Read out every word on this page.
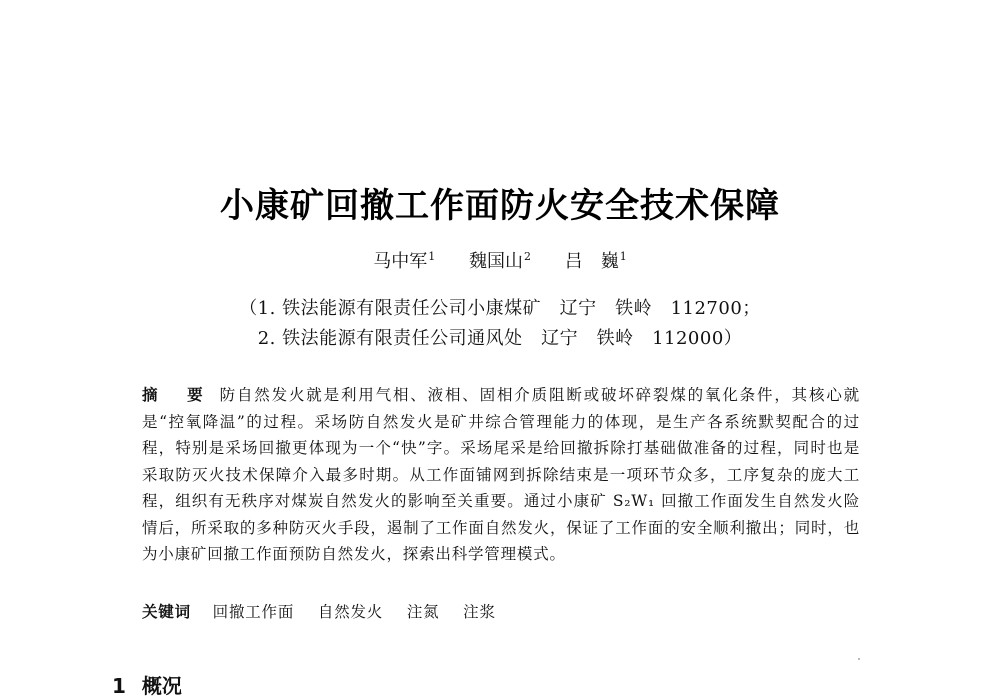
小康矿回撤工作面防火安全技术保障
马中军$^1$ 魏国山$^2$ 吕　巍$^1$
（1. 铁法能源有限责任公司小康煤矿　辽宁　铁岭　112700；
2. 铁法能源有限责任公司通风处　辽宁　铁岭　112000）
摘　要 防自然发火就是利用气相、液相、固相介质阻断或破坏碎裂煤的氧化条件，其核心就是“控氧降温”的过程。采场防自然发火是矿井综合管理能力的体现，是生产各系统默契配合的过程，特别是采场回撤更体现为一个“快”字。采场尾采是给回撤拆除打基础做准备的过程，同时也是采取防灭火技术保障介入最多时期。从工作面铺网到拆除结束是一项环节众多，工序复杂的庞大工程，组织有无秩序对煤炭自然发火的影响至关重要。通过小康矿 S₂W₁ 回撤工作面发生自然发火险情后，所采取的多种防灭火手段，遏制了工作面自然发火，保证了工作面的安全顺利撤出；同时，也为小康矿回撤工作面预防自然发火，探索出科学管理模式。
关键词 回撤工作面 自然发火 注氮 注浆
1 概况
